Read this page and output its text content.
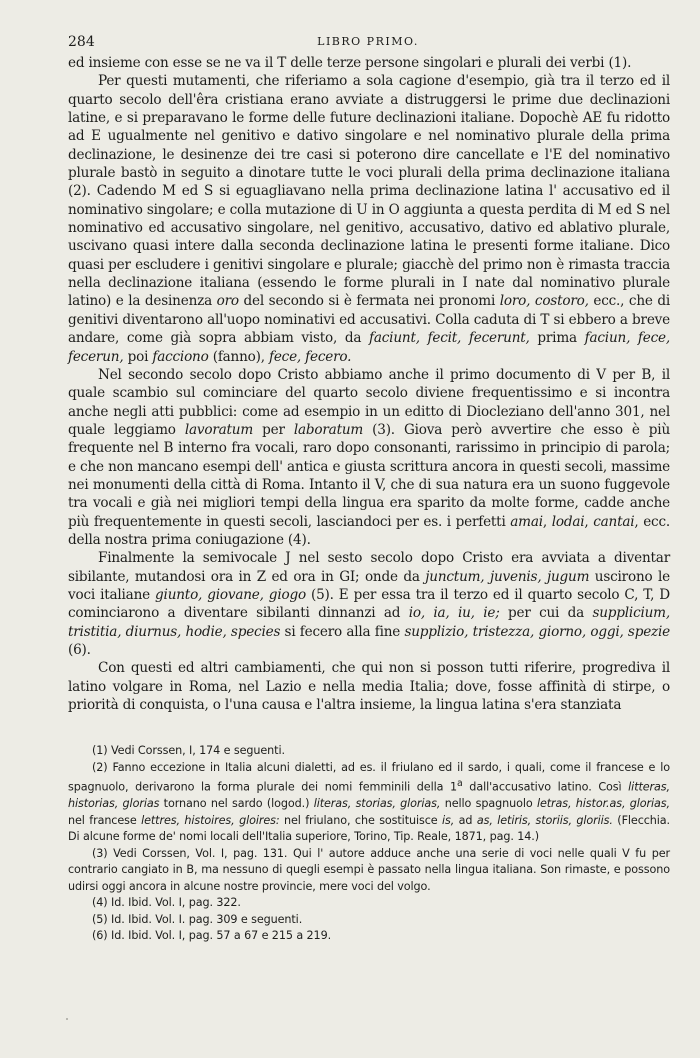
284	LIBRO PRIMO.

ed insieme con esse se ne va il T delle terze persone singolari e plurali dei verbi (1).

Per questi mutamenti, che riferiamo a sola cagione d'esempio, già tra il terzo ed il quarto secolo dell'êra cristiana erano avviate a distruggersi le prime due declinazioni latine, e si preparavano le forme delle future declinazioni italiane. Dopochè AE fu ridotto ad E ugualmente nel genitivo e dativo singolare e nel nominativo plurale della prima declinazione, le desinenze dei tre casi si poterono dire cancellate e l'E del nominativo plurale bastò in seguito a dinotare tutte le voci plurali della prima declinazione italiana (2). Cadendo M ed S si eguagliavano nella prima declinazione latina l' accusativo ed il nominativo singolare; e colla mutazione di U in O aggiunta a questa perdita di M ed S nel nominativo ed accusativo singolare, nel genitivo, accusativo, dativo ed ablativo plurale, uscivano quasi intere dalla seconda declinazione latina le presenti forme italiane. Dico quasi per escludere i genitivi singolare e plurale; giacchè del primo non è rimasta traccia nella declinazione italiana (essendo le forme plurali in I nate dal nominativo plurale latino) e la desinenza oro del secondo si è fermata nei pronomi loro, costoro, ecc., che di genitivi diventarono all'uopo nominativi ed accusativi. Colla caduta di T si ebbero a breve andare, come già sopra abbiam visto, da faciunt, fecit, fecerunt, prima faciun, fece, fecerun, poi facciono (fanno), fece, fecero.

Nel secondo secolo dopo Cristo abbiamo anche il primo documento di V per B, il quale scambio sul cominciare del quarto secolo diviene frequentissimo e si incontra anche negli atti pubblici: come ad esempio in un editto di Diocleziano dell'anno 301, nel quale leggiamo lavoratum per laboratum (3). Giova però avvertire che esso è più frequente nel B interno fra vocali, raro dopo consonanti, rarissimo in principio di parola; e che non mancano esempi dell' antica e giusta scrittura ancora in questi secoli, massime nei monumenti della città di Roma. Intanto il V, che di sua natura era un suono fuggevole tra vocali e già nei migliori tempi della lingua era sparito da molte forme, cadde anche più frequentemente in questi secoli, lasciandoci per es. i perfetti amai, lodai, cantai, ecc. della nostra prima coniugazione (4).

Finalmente la semivocale J nel sesto secolo dopo Cristo era avviata a diventar sibilante, mutandosi ora in Z ed ora in GI; onde da junctum, juvenis, jugum uscirono le voci italiane giunto, giovane, giogo (5). E per essa tra il terzo ed il quarto secolo C, T, D cominciarono a diventare sibilanti dinnanzi ad io, ia, iu, ie; per cui da supplicium, tristitia, diurnus, hodie, species si fecero alla fine supplizio, tristezza, giorno, oggi, spezie (6).

Con questi ed altri cambiamenti, che qui non si posson tutti riferire, progrediva il latino volgare in Roma, nel Lazio e nella media Italia; dove, fosse affinità di stirpe, o priorità di conquista, o l'una causa e l'altra insieme, la lingua latina s'era stanziata

(1) Vedi Corssen, I, 174 e seguenti.

(2) Fanno eccezione in Italia alcuni dialetti, ad es. il friulano ed il sardo, i quali, come il francese e lo spagnuolo, derivarono la forma plurale dei nomi femminili della 1$^a$ dall'accusativo latino. Così litteras, historias, glorias tornano nel sardo (logod.) literas, storias, glorias, nello spagnuolo letras, histor.as, glorias, nel francese lettres, histoires, gloires: nel friulano, che sostituisce is, ad as, letiris, storiis, gloriis. (Flecchia. Di alcune forme de' nomi locali dell'Italia superiore, Torino, Tip. Reale, 1871, pag. 14.)

(3) Vedi Corssen, Vol. I, pag. 131. Qui l' autore adduce anche una serie di voci nelle quali V fu per contrario cangiato in B, ma nessuno di quegli esempi è passato nella lingua italiana. Son rimaste, e possono udirsi oggi ancora in alcune nostre provincie, mere voci del volgo.

(4) Id. Ibid. Vol. I, pag. 322.

(5) Id. Ibid. Vol. I. pag. 309 e seguenti.

(6) Id. Ibid. Vol. I, pag. 57 a 67 e 215 a 219.
